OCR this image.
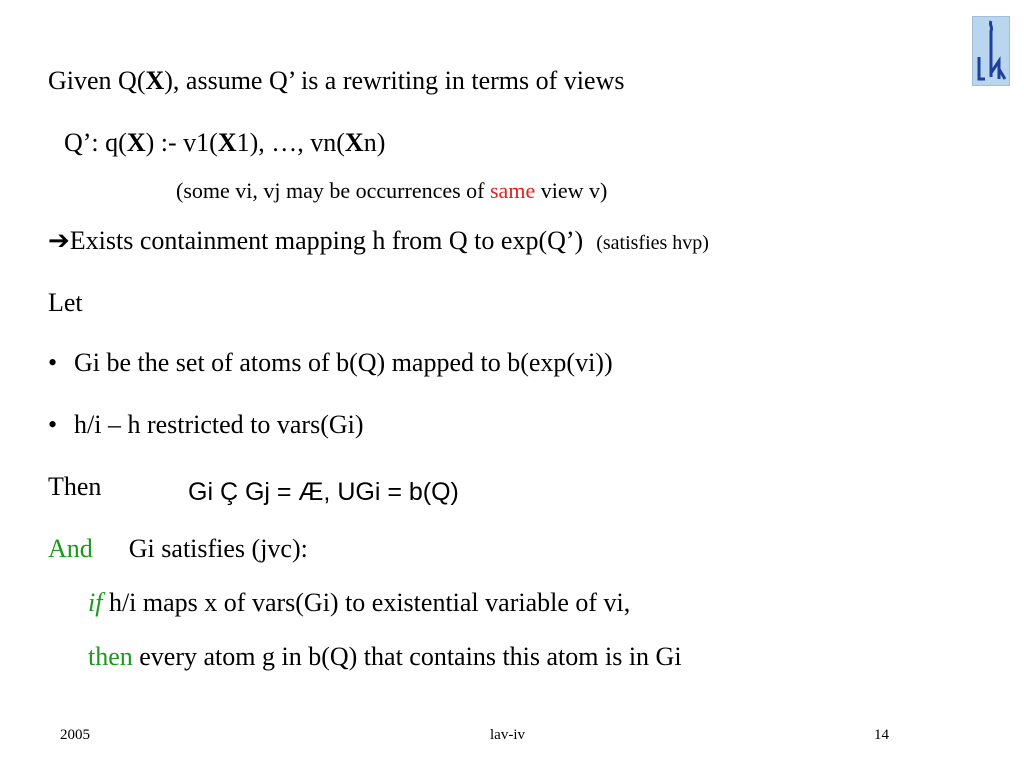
Given Q(X), assume Q’ is a rewriting in terms of views
Q’: q(X) :- v1(X1), …, vn(Xn)
(some vi, vj may be occurrences of same view v)
➔Exists containment mapping h from Q to exp(Q’) (satisfies hvp)
Let
• Gi be the set of atoms of b(Q) mapped to b(exp(vi))
• h/i – h restricted to vars(Gi)
Then	Gi Ç Gj = Æ, UGi = b(Q)
And Gi satisfies (jvc):
if h/i maps x of vars(Gi) to existential variable of vi,
then every atom g in b(Q) that contains this atom is in Gi
2005	lav-iv	14
